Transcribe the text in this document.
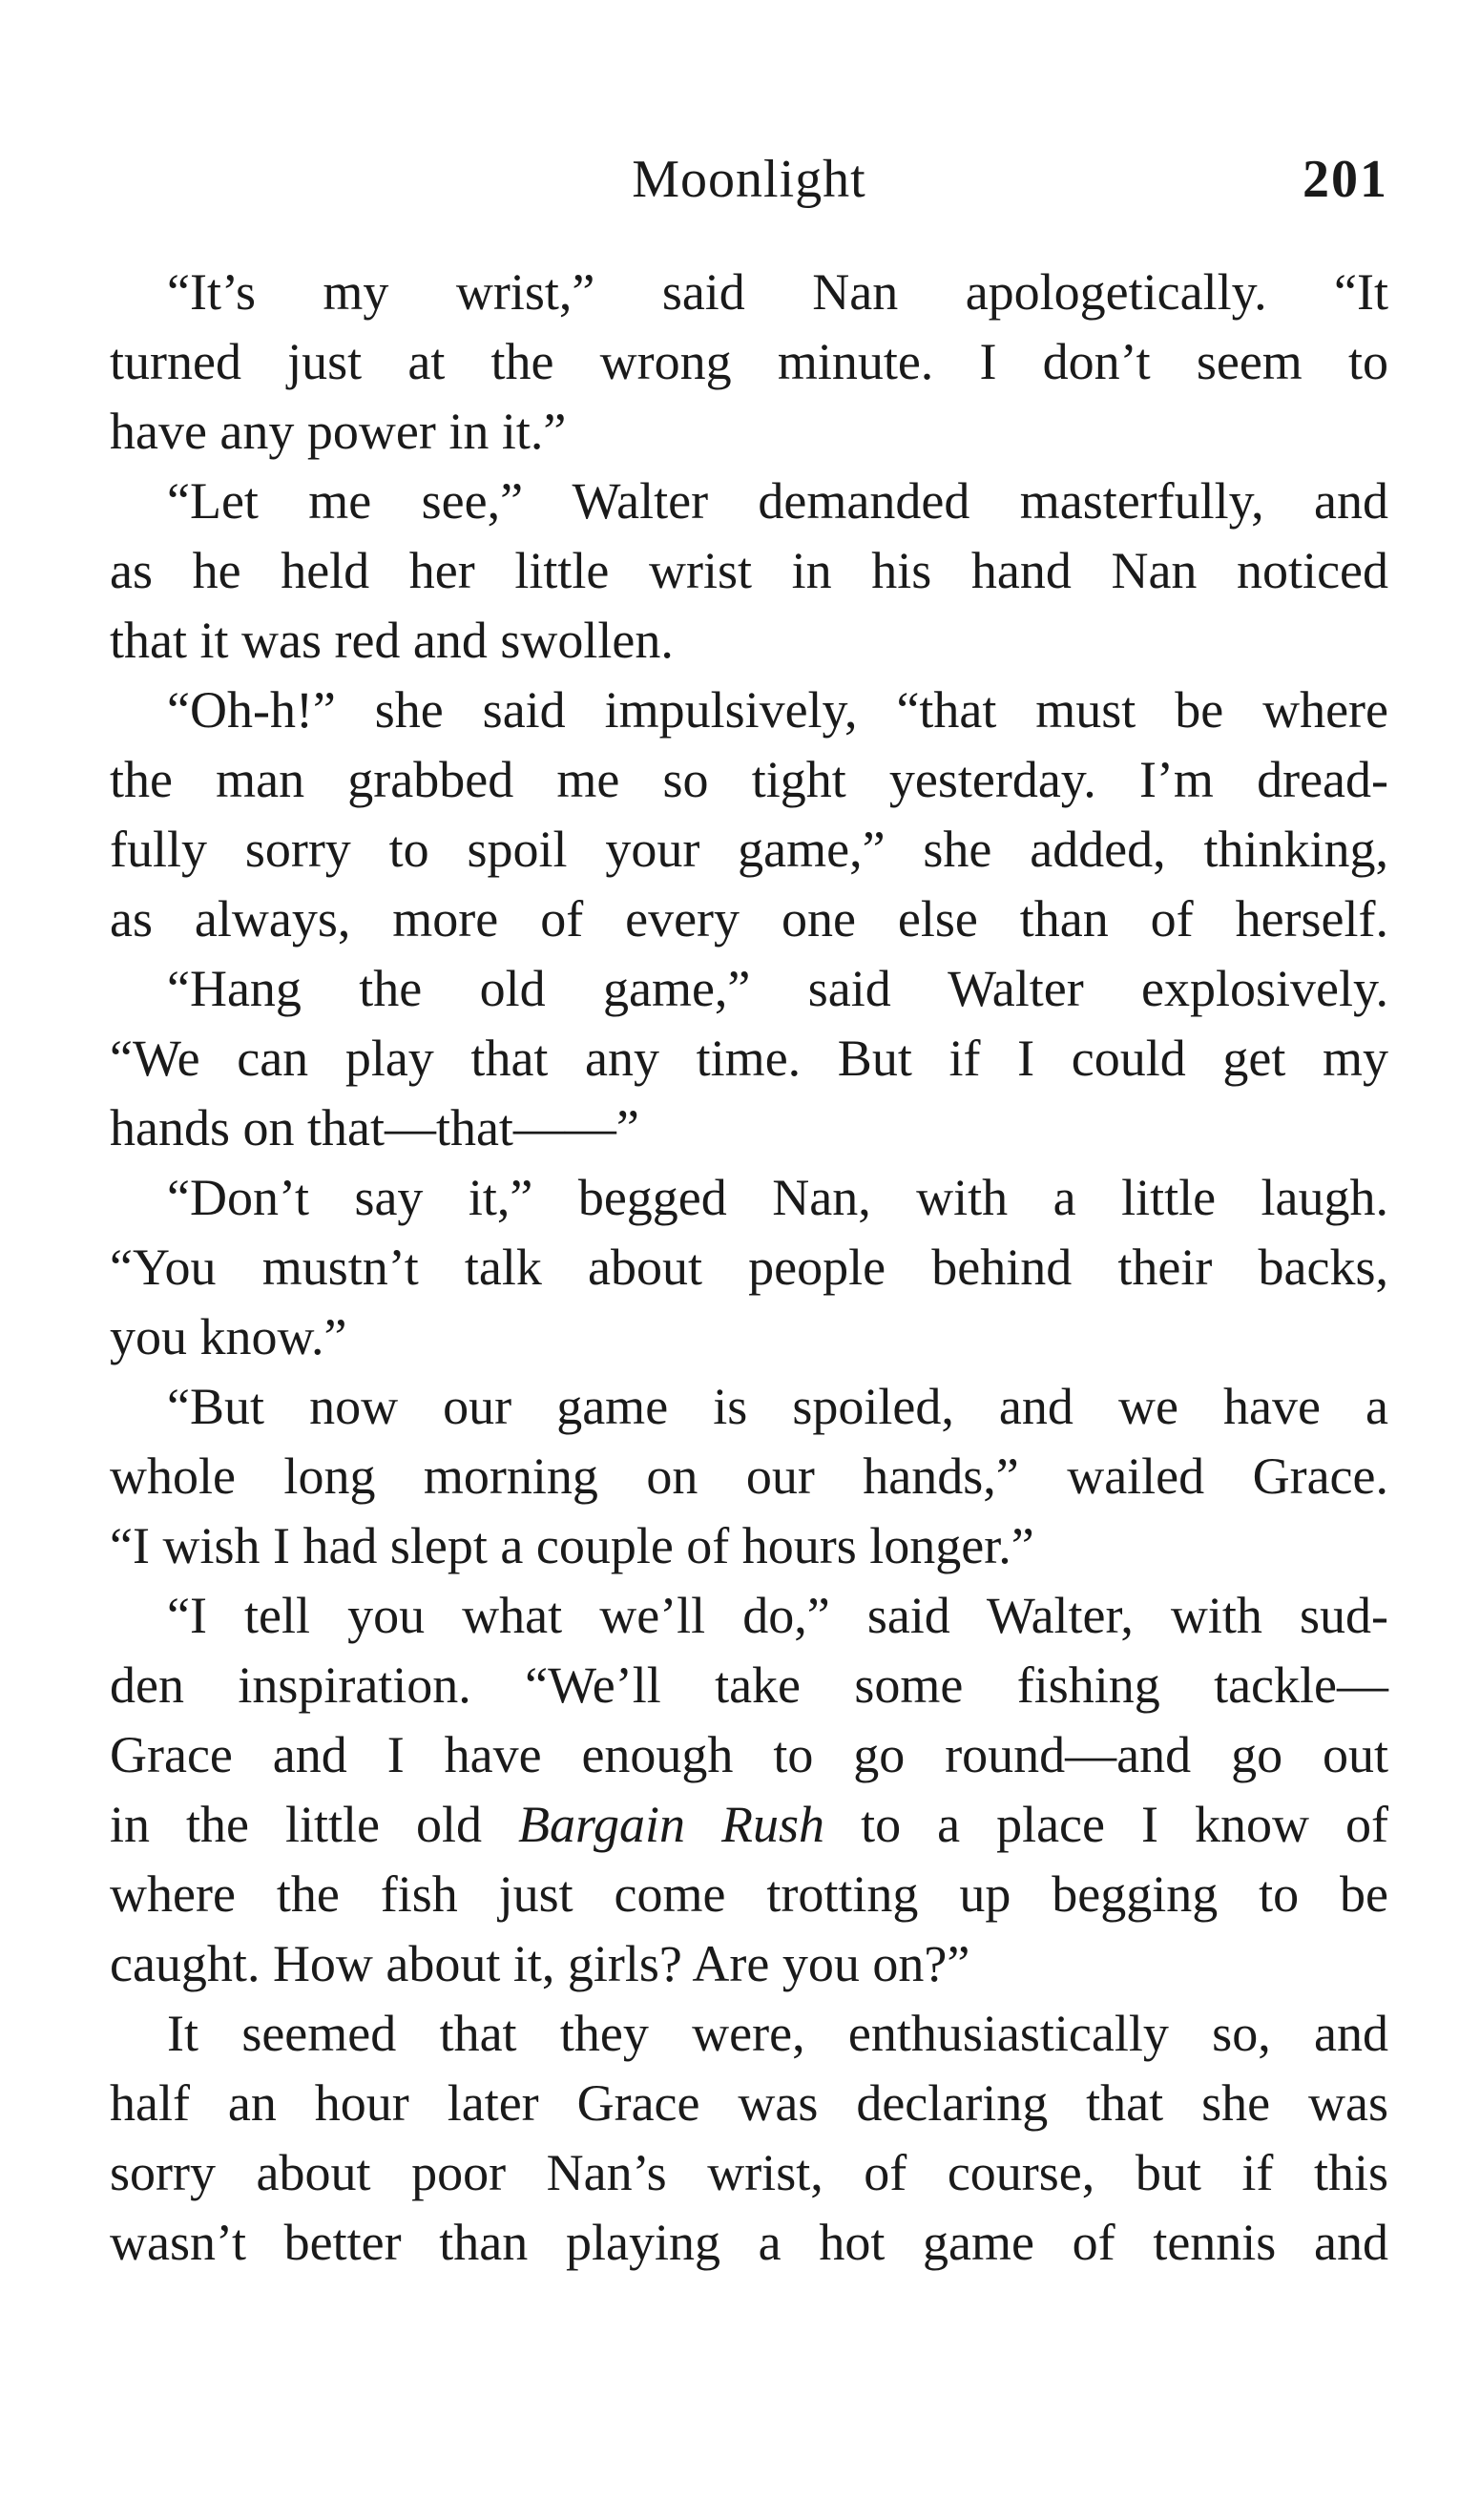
Moonlight	201
“It’s my wrist,” said Nan apologetically. “It
turned just at the wrong minute. I don’t seem to
have any power in it.”
“Let me see,” Walter demanded masterfully, and
as he held her little wrist in his hand Nan noticed
that it was red and swollen.
“Oh-h!” she said impulsively, “that must be where
the man grabbed me so tight yesterday. I’m dread-
fully sorry to spoil your game,” she added, thinking,
as always, more of every one else than of herself.
“Hang the old game,” said Walter explosively.
“We can play that any time. But if I could get my
hands on that—that——”
“Don’t say it,” begged Nan, with a little laugh.
“You mustn’t talk about people behind their backs,
you know.”
“But now our game is spoiled, and we have a
whole long morning on our hands,” wailed Grace.
“I wish I had slept a couple of hours longer.”
“I tell you what we’ll do,” said Walter, with sud-
den inspiration. “We’ll take some fishing tackle—
Grace and I have enough to go round—and go out
in the little old Bargain Rush to a place I know of
where the fish just come trotting up begging to be
caught. How about it, girls? Are you on?”
It seemed that they were, enthusiastically so, and
half an hour later Grace was declaring that she was
sorry about poor Nan’s wrist, of course, but if this
wasn’t better than playing a hot game of tennis and
